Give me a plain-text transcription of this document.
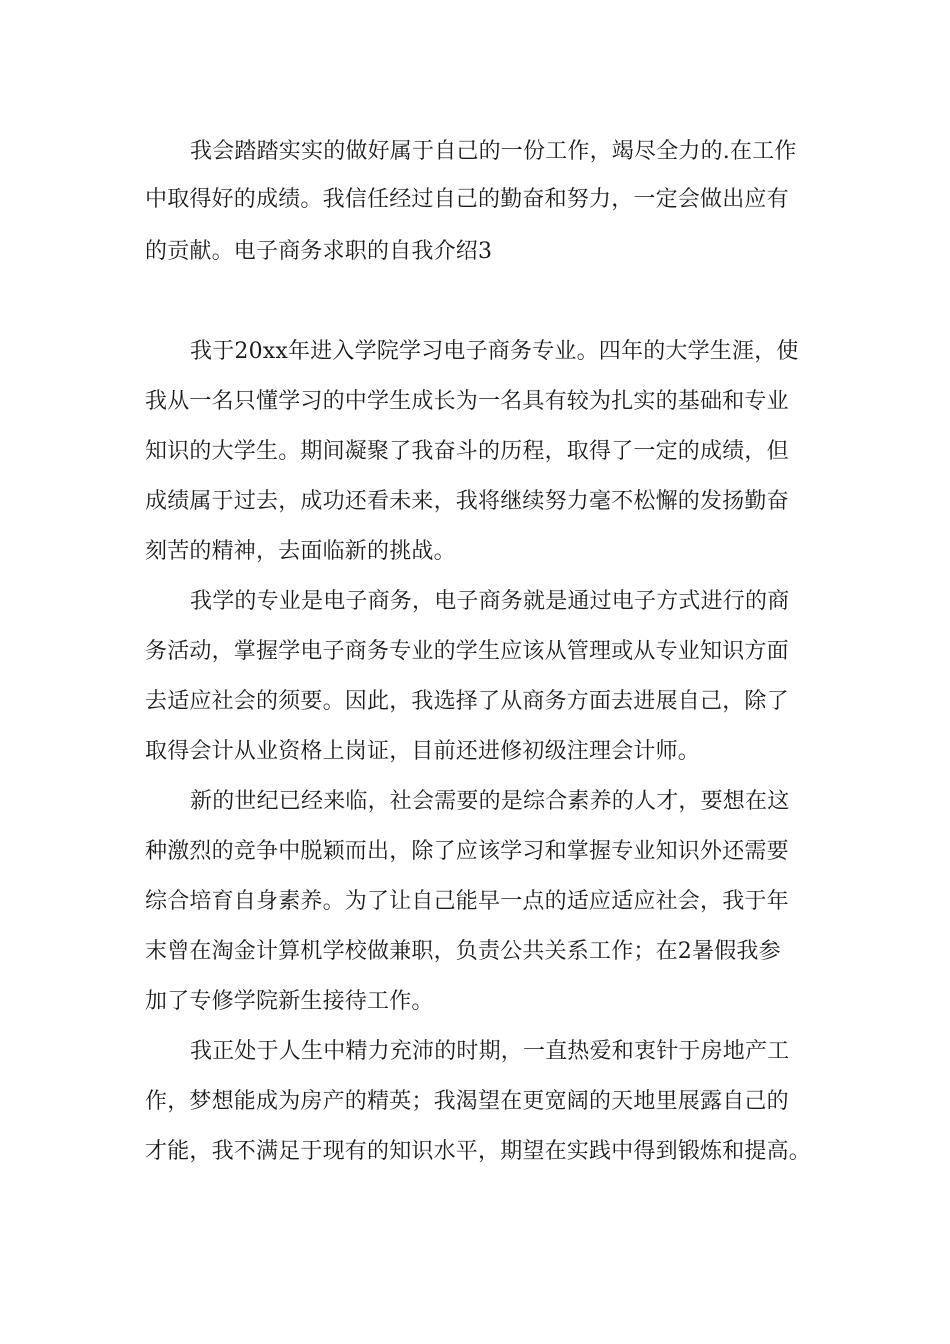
我会踏踏实实的做好属于自己的一份工作，竭尽全力的.在工作

中取得好的成绩。我信任经过自己的勤奋和努力，一定会做出应有

的贡献。电子商务求职的自我介绍3

我于20xx年进入学院学习电子商务专业。四年的大学生涯，使

我从一名只懂学习的中学生成长为一名具有较为扎实的基础和专业

知识的大学生。期间凝聚了我奋斗的历程，取得了一定的成绩，但

成绩属于过去，成功还看未来，我将继续努力毫不松懈的发扬勤奋

刻苦的精神，去面临新的挑战。

我学的专业是电子商务，电子商务就是通过电子方式进行的商

务活动，掌握学电子商务专业的学生应该从管理或从专业知识方面

去适应社会的须要。因此，我选择了从商务方面去进展自己，除了

取得会计从业资格上岗证，目前还进修初级注理会计师。

新的世纪已经来临，社会需要的是综合素养的人才，要想在这

种激烈的竞争中脱颖而出，除了应该学习和掌握专业知识外还需要

综合培育自身素养。为了让自己能早一点的适应适应社会，我于年

末曾在淘金计算机学校做兼职，负责公共关系工作；在2暑假我参

加了专修学院新生接待工作。

我正处于人生中精力充沛的时期，一直热爱和衷针于房地产工

作，梦想能成为房产的精英；我渴望在更宽阔的天地里展露自己的

才能，我不满足于现有的知识水平，期望在实践中得到锻炼和提高。
